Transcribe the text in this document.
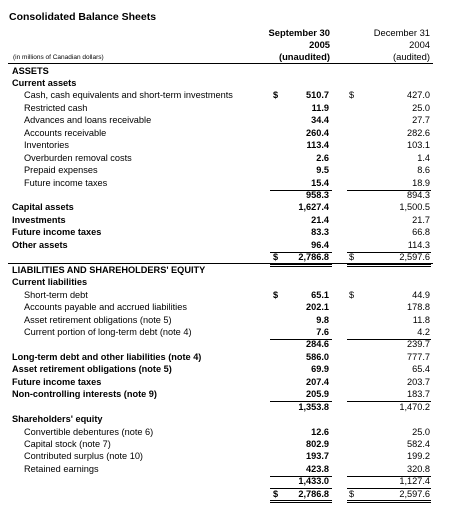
Consolidated Balance Sheets
September 30
2005
(unaudited)
December 31
2004
(audited)
(in millions of Canadian dollars)
ASSETS
Current assets
Cash, cash equivalents and short-term investments	$	510.7 $	427.0
Restricted cash	11.9	25.0
Advances and loans receivable	34.4	27.7
Accounts receivable	260.4	282.6
Inventories	113.4	103.1
Overburden removal costs	2.6	1.4
Prepaid expenses	9.5	8.6
Future income taxes	15.4	18.9
958.3	894.3
Capital assets	1,627.4	1,500.5
Investments	21.4	21.7
Future income taxes	83.3	66.8
Other assets	96.4	114.3
$ 2,786.8 $	2,597.6
LIABILITIES AND SHAREHOLDERS' EQUITY
Current liabilities
Short-term debt	$	65.1 $	44.9
Accounts payable and accrued liabilities	202.1	178.8
Asset retirement obligations (note 5)	9.8	11.8
Current portion of long-term debt (note 4)	7.6	4.2
284.6	239.7
Long-term debt and other liabilities (note 4)	586.0	777.7
Asset retirement obligations (note 5)	69.9	65.4
Future income taxes	207.4	203.7
Non-controlling interests (note 9)	205.9	183.7
1,353.8	1,470.2
Shareholders' equity
Convertible debentures (note 6)	12.6	25.0
Capital stock (note 7)	802.9	582.4
Contributed surplus (note 10)	193.7	199.2
Retained earnings	423.8	320.8
1,433.0	1,127.4
$ 2,786.8 $	2,597.6
